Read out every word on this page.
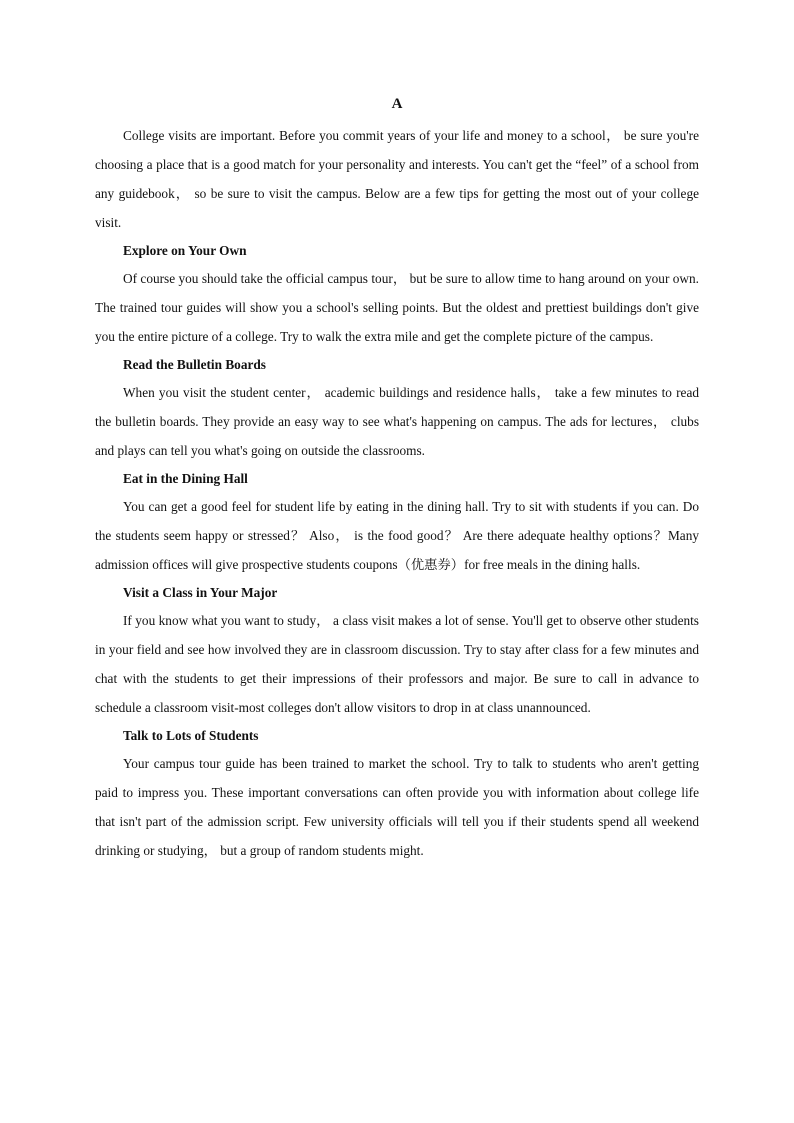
A

College visits are important. Before you commit years of your life and money to a school， be sure you're choosing a place that is a good match for your personality and interests. You can't get the “feel” of a school from any guidebook， so be sure to visit the campus. Below are a few tips for getting the most out of your college visit.

Explore on Your Own

Of course you should take the official campus tour， but be sure to allow time to hang around on your own. The trained tour guides will show you a school's selling points. But the oldest and prettiest buildings don't give you the entire picture of a college. Try to walk the extra mile and get the complete picture of the campus.

Read the Bulletin Boards

When you visit the student center， academic buildings and residence halls， take a few minutes to read the bulletin boards. They provide an easy way to see what's happening on campus. The ads for lectures， clubs and plays can tell you what's going on outside the classrooms.

Eat in the Dining Hall

You can get a good feel for student life by eating in the dining hall. Try to sit with students if you can. Do the students seem happy or stressed？ Also， is the food good？ Are there adequate healthy options？Many admission offices will give prospective students coupons（优惠券）for free meals in the dining halls.

Visit a Class in Your Major

If you know what you want to study， a class visit makes a lot of sense. You'll get to observe other students in your field and see how involved they are in classroom discussion. Try to stay after class for a few minutes and chat with the students to get their impressions of their professors and major. Be sure to call in advance to schedule a classroom visit-most colleges don't allow visitors to drop in at class unannounced.

Talk to Lots of Students

Your campus tour guide has been trained to market the school. Try to talk to students who aren't getting paid to impress you. These important conversations can often provide you with information about college life that isn't part of the admission script. Few university officials will tell you if their students spend all weekend drinking or studying， but a group of random students might.
